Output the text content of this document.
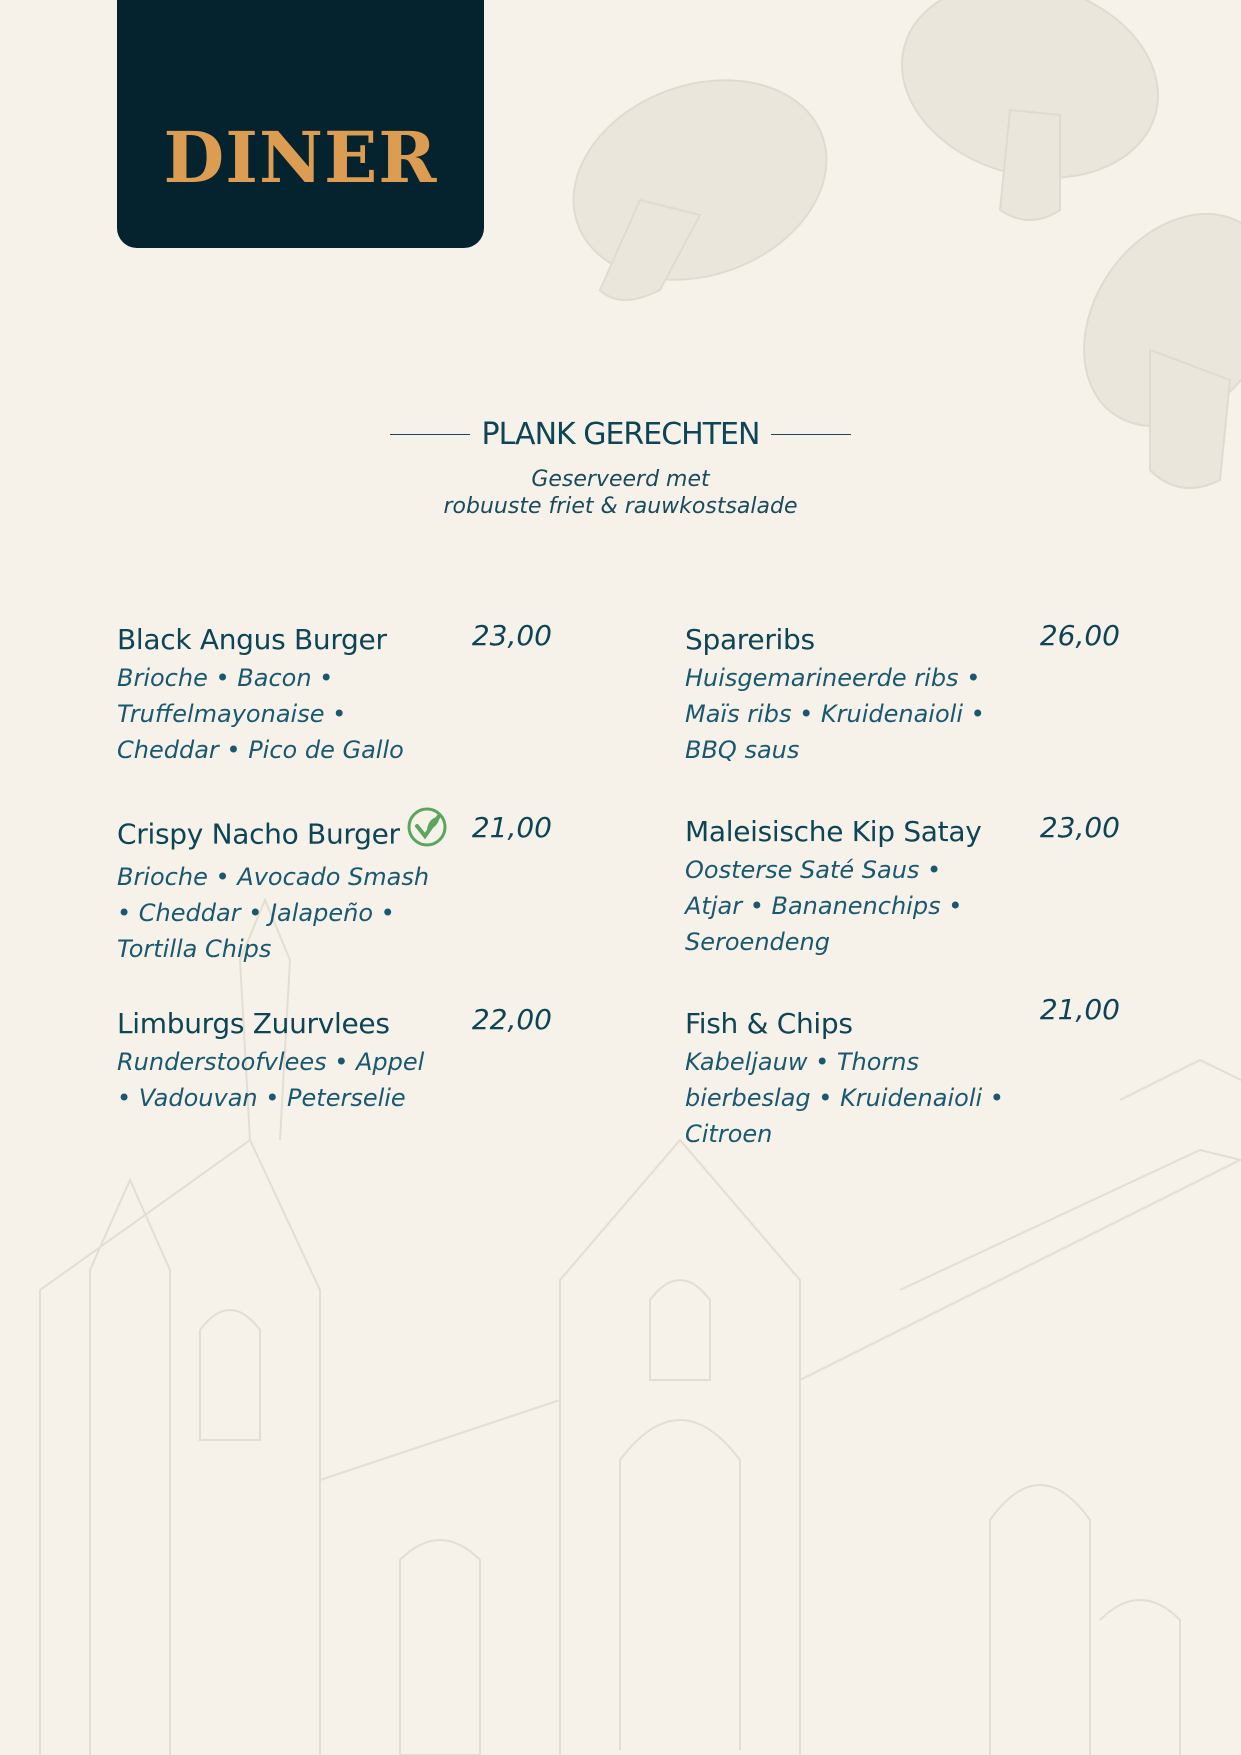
DINER
PLANK GERECHTEN
Geserveerd met
robuuste friet & rauwkostsalade
Black Angus Burger	23,00
Brioche • Bacon •
Truffelmayonaise •
Cheddar • Pico de Gallo
Crispy Nacho Burger	21,00
Brioche • Avocado Smash
• Cheddar • Jalapeño •
Tortilla Chips
Limburgs Zuurvlees	22,00
Runderstoofvlees • Appel
• Vadouvan • Peterselie
Spareribs	26,00
Huisgemarineerde ribs •
Maïs ribs • Kruidenaioli •
BBQ saus
Maleisische Kip Satay	23,00
Oosterse Saté Saus •
Atjar • Bananenchips •
Seroendeng
Fish & Chips	21,00
Kabeljauw • Thorns
bierbeslag • Kruidenaioli •
Citroen
